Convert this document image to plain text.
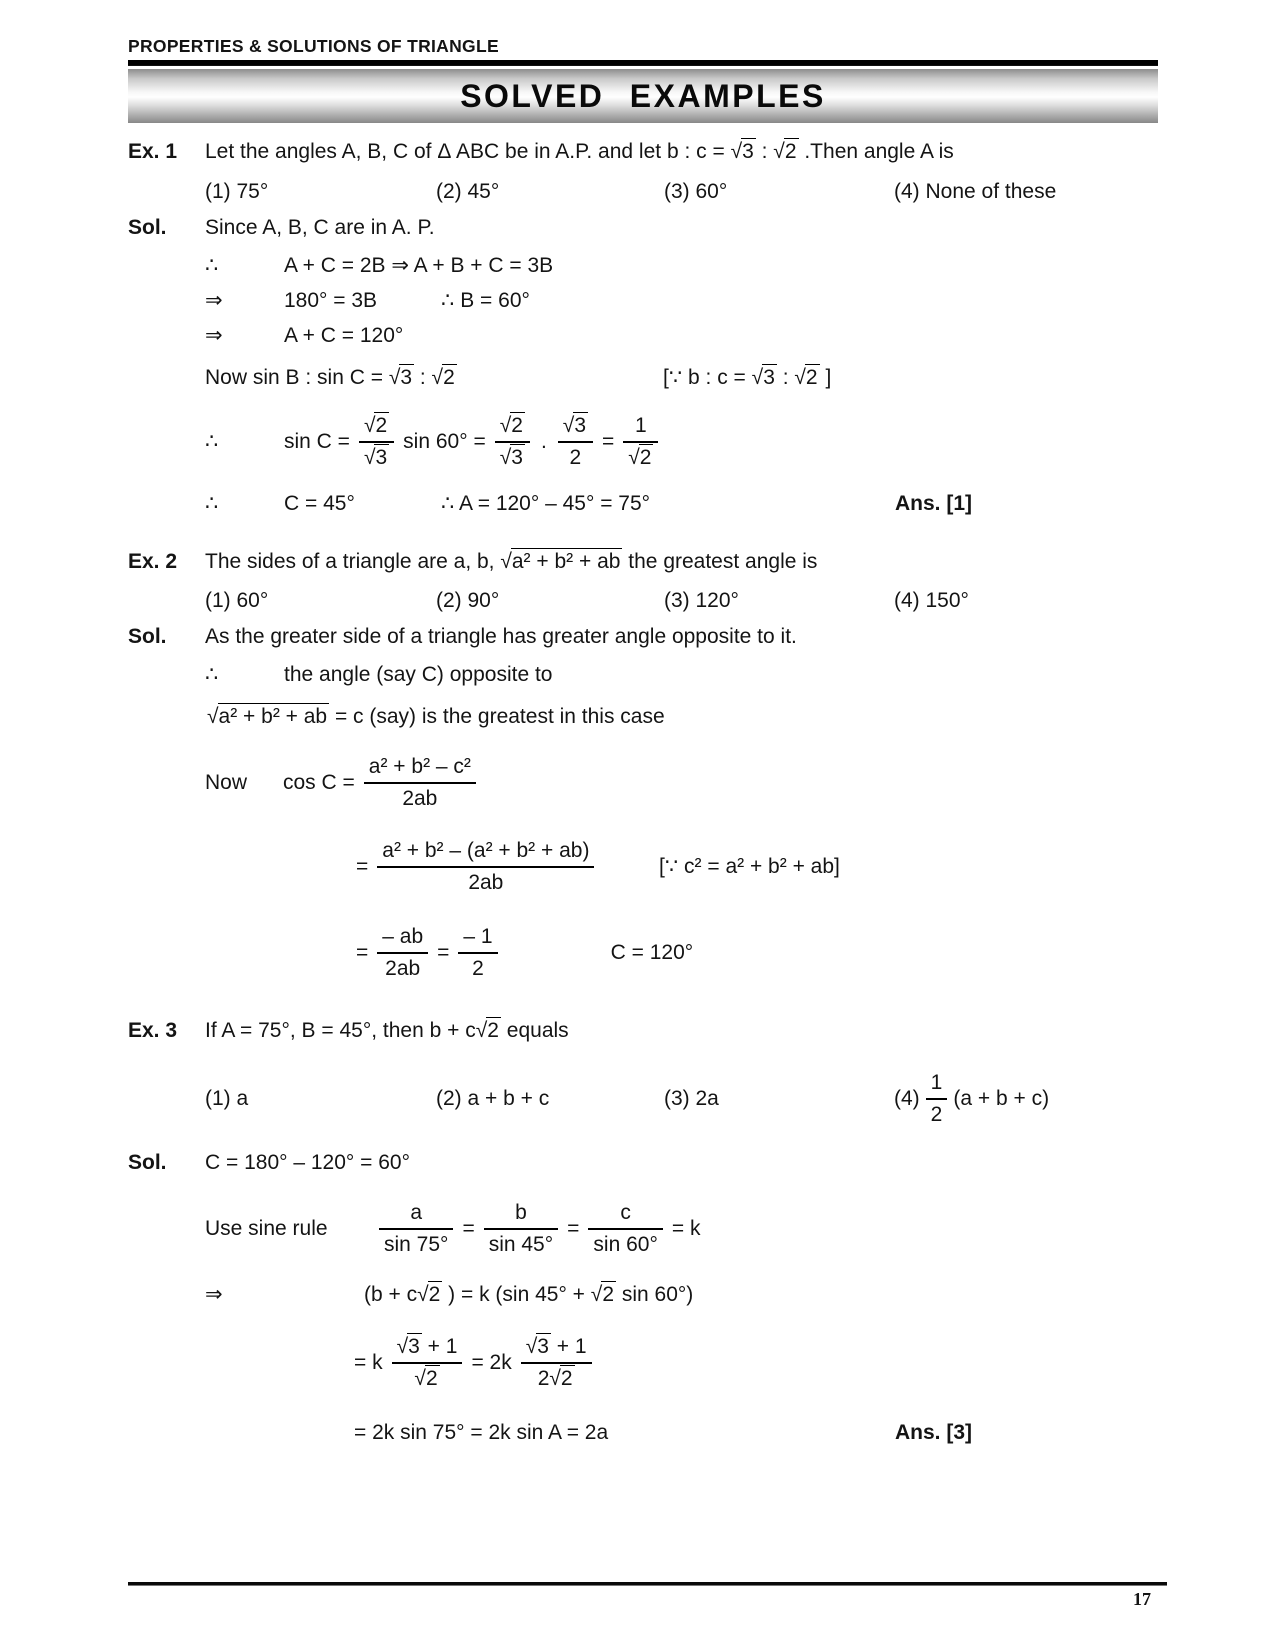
PROPERTIES & SOLUTIONS OF TRIANGLE
SOLVED EXAMPLES
Ex. 1	Let the angles A, B, C of Δ ABC be in A.P. and let b : c = √3 : √2 .Then angle A is
(1) 75°	(2) 45°	(3) 60°	(4) None of these
Sol.	Since A, B, C are in A. P.
∴	A + C = 2B ⇒ A + B + C = 3B
⇒	180° = 3B	∴ B = 60°
⇒	A + C = 120°
Now sin B : sin C = √3 : √2	[∵ b : c = √3 : √2 ]
∴	$\sin C = \frac{√2}{√3}$ $\sin 60^\circ = \frac{√2}{√3}$ . $\frac{√3}{2} = \frac{1}{√2}$
∴	C = 45°	∴ A = 120° – 45° = 75°	Ans. [1]
Ex. 2	The sides of a triangle are a, b, √a² + b² + ab the greatest angle is
(1) 60°	(2) 90°	(3) 120°	(4) 150°
Sol.	As the greater side of a triangle has greater angle opposite to it.
∴	the angle (say C) opposite to
√a² + b² + ab = c (say) is the greatest in this case
Now	$\cos C = \frac{\text{a² + b² – c²}}{2ab}$
= $\frac{\text{a² + b² – (a² + b² + ab)}}{2ab}$	[∵ c² = a² + b² + ab]
= $\frac{- ab}{2ab} = \frac{- 1}{2}$	C = 120°
Ex. 3	If A = 75°, B = 45°, then b + c√2 equals
(1) a	(2) a + b + c	(3) 2a	$(4) \frac{1}{2} (a + b + c)$
Sol.	C = 180° – 120° = 60°
Use sine rule	$\frac{a}{\sin 75^\circ} = \frac{b}{\sin 45^\circ} = \frac{c}{\sin 60^\circ} = k$
⇒	(b + c√2 ) = k (sin 45° + √2 sin 60°)
= k $\frac{√3 + 1}{√2} = 2k \frac{√3 + 1}{2√2}$
= 2k sin 75° = 2k sin A = 2a	Ans. [3]
17
